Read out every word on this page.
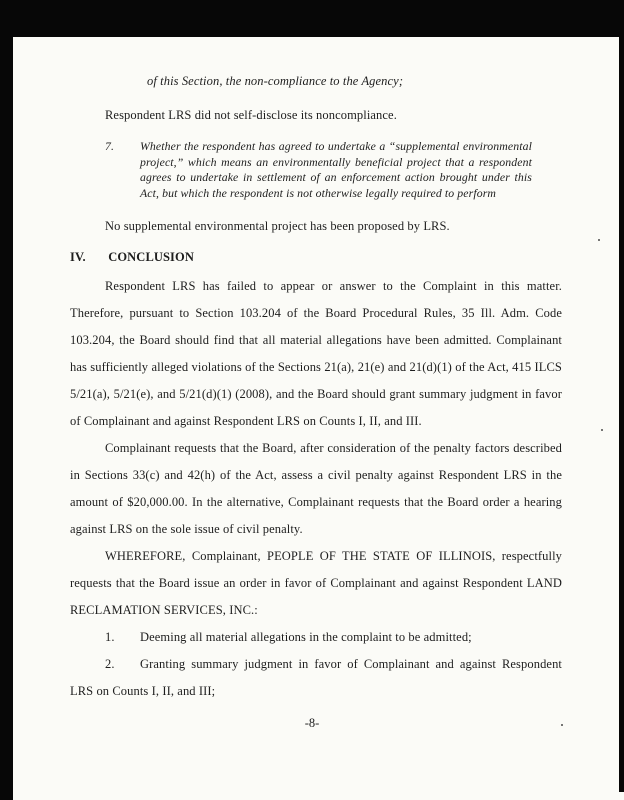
of this Section, the non-compliance to the Agency;
Respondent LRS did not self-disclose its noncompliance.
7. Whether the respondent has agreed to undertake a “supplemental environmental project,” which means an environmentally beneficial project that a respondent agrees to undertake in settlement of an enforcement action brought under this Act, but which the respondent is not otherwise legally required to perform
No supplemental environmental project has been proposed by LRS.
IV. CONCLUSION

Respondent LRS has failed to appear or answer to the Complaint in this matter. Therefore, pursuant to Section 103.204 of the Board Procedural Rules, 35 Ill. Adm. Code 103.204, the Board should find that all material allegations have been admitted. Complainant has sufficiently alleged violations of the Sections 21(a), 21(e) and 21(d)(1) of the Act, 415 ILCS 5/21(a), 5/21(e), and 5/21(d)(1) (2008), and the Board should grant summary judgment in favor of Complainant and against Respondent LRS on Counts I, II, and III.

Complainant requests that the Board, after consideration of the penalty factors described in Sections 33(c) and 42(h) of the Act, assess a civil penalty against Respondent LRS in the amount of $20,000.00. In the alternative, Complainant requests that the Board order a hearing against LRS on the sole issue of civil penalty.

WHEREFORE, Complainant, PEOPLE OF THE STATE OF ILLINOIS, respectfully requests that the Board issue an order in favor of Complainant and against Respondent LAND RECLAMATION SERVICES, INC.:

1. Deeming all material allegations in the complaint to be admitted;
2. Granting summary judgment in favor of Complainant and against Respondent LRS on Counts I, II, and III;
-8-
